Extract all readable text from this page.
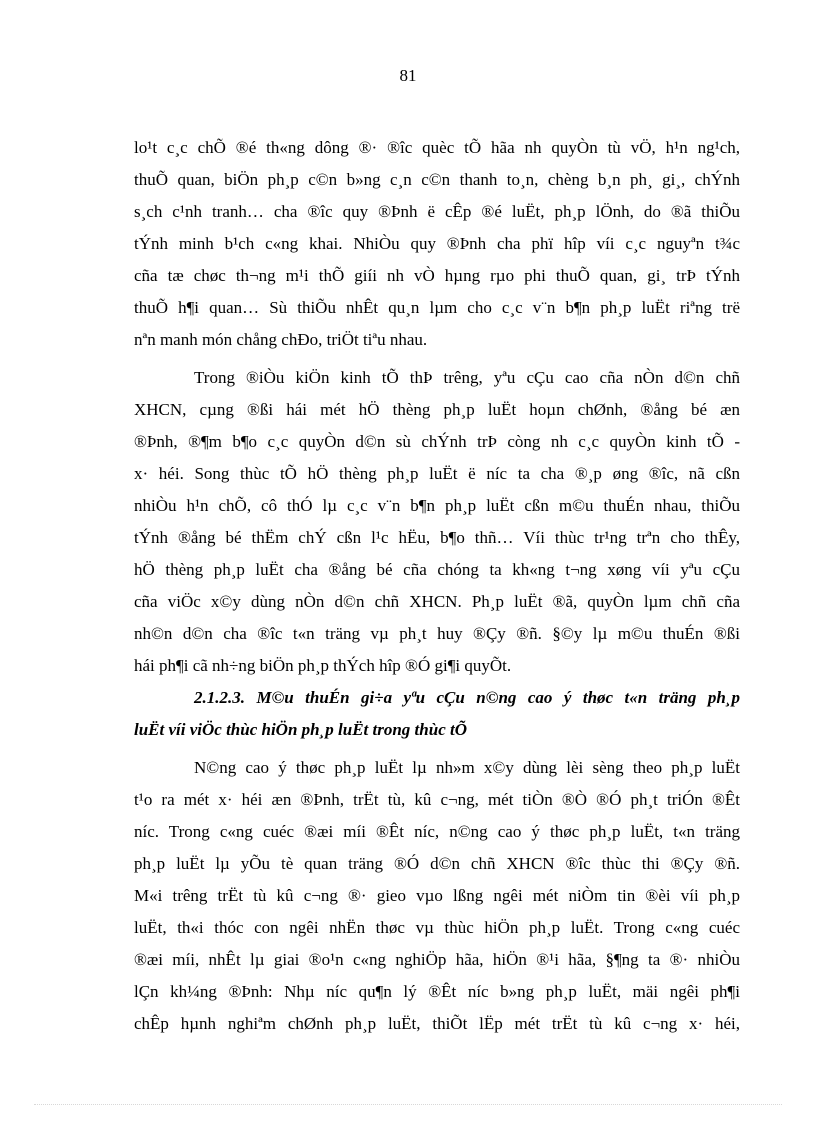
81
lo¹t c¸c chÕ ®é th«ng dông ®· ®îc quèc tÕ hãa nh quyÒn tù vÖ, h¹n ng¹ch,
thuÕ quan, biÖn ph¸p c©n b»ng c¸n c©n thanh to¸n, chèng b¸n ph¸ gi¸, chÝnh
s¸ch c¹nh tranh… cha ®îc quy ®Þnh ë cÊp ®é luËt, ph¸p lÖnh, do ®ã thiÕu
tÝnh minh b¹ch c«ng khai. NhiÒu quy ®Þnh cha phï hîp víi c¸c nguyªn t¾c
cña tæ chøc th¬ng m¹i thÕ giíi nh vÒ hµng rµo phi thuÕ quan, gi¸ trÞ tÝnh
thuÕ h¶i quan… Sù thiÕu nhÊt qu¸n lµm cho c¸c v¨n b¶n ph¸p luËt riªng trë
nªn manh món chång chÐo, triÖt tiªu nhau.
Trong ®iÒu kiÖn kinh tÕ thÞ trêng, yªu cÇu cao cña nÒn d©n chñ
XHCN, cµng ®ßi hái mét hÖ thèng ph¸p luËt hoµn chØnh, ®ång bé æn
®Þnh, ®¶m b¶o c¸c quyÒn d©n sù chÝnh trÞ còng nh c¸c quyÒn kinh tÕ -
x· héi. Song thùc tÕ hÖ thèng ph¸p luËt ë níc ta cha ®¸p øng ®îc, nã cßn
nhiÒu h¹n chÕ, cô thÓ lµ c¸c v¨n b¶n ph¸p luËt cßn m©u thuÉn nhau, thiÕu
tÝnh ®ång bé thËm chÝ cßn l¹c hËu, b¶o thñ… Víi thùc tr¹ng trªn cho thÊy,
hÖ thèng ph¸p luËt cha ®ång bé cña chóng ta kh«ng t¬ng xøng víi yªu cÇu
cña viÖc x©y dùng nÒn d©n chñ XHCN. Ph¸p luËt ®ã, quyÒn lµm chñ cña
nh©n d©n cha ®îc t«n träng vµ ph¸t huy ®Çy ®ñ. §©y lµ m©u thuÉn ®ßi
hái ph¶i cã nh÷ng biÖn ph¸p thÝch hîp ®Ó gi¶i quyÕt.
2.1.2.3. M©u thuÉn gi÷a yªu cÇu n©ng cao ý thøc t«n träng ph¸p
luËt víi viÖc thùc hiÖn ph¸p luËt trong thùc tÕ
N©ng cao ý thøc ph¸p luËt lµ nh»m x©y dùng lèi sèng theo ph¸p luËt
t¹o ra mét x· héi æn ®Þnh, trËt tù, kû c¬ng, mét tiÒn ®Ò ®Ó ph¸t triÓn ®Êt
níc. Trong c«ng cuéc ®æi míi ®Êt níc, n©ng cao ý thøc ph¸p luËt, t«n träng
ph¸p luËt lµ yÕu tè quan träng ®Ó d©n chñ XHCN ®îc thùc thi ®Çy ®ñ.
M«i trêng trËt tù kû c¬ng ®· gieo vµo lßng ngêi mét niÒm tin ®èi víi ph¸p
luËt, th«i thóc con ngêi nhËn thøc vµ thùc hiÖn ph¸p luËt. Trong c«ng cuéc
®æi míi, nhÊt lµ giai ®o¹n c«ng nghiÖp hãa, hiÖn ®¹i hãa, §¶ng ta ®· nhiÒu
lÇn kh¼ng ®Þnh: Nhµ níc qu¶n lý ®Êt níc b»ng ph¸p luËt, mäi ngêi ph¶i
chÊp hµnh nghiªm chØnh ph¸p luËt, thiÕt lËp mét trËt tù kû c¬ng x· héi,
